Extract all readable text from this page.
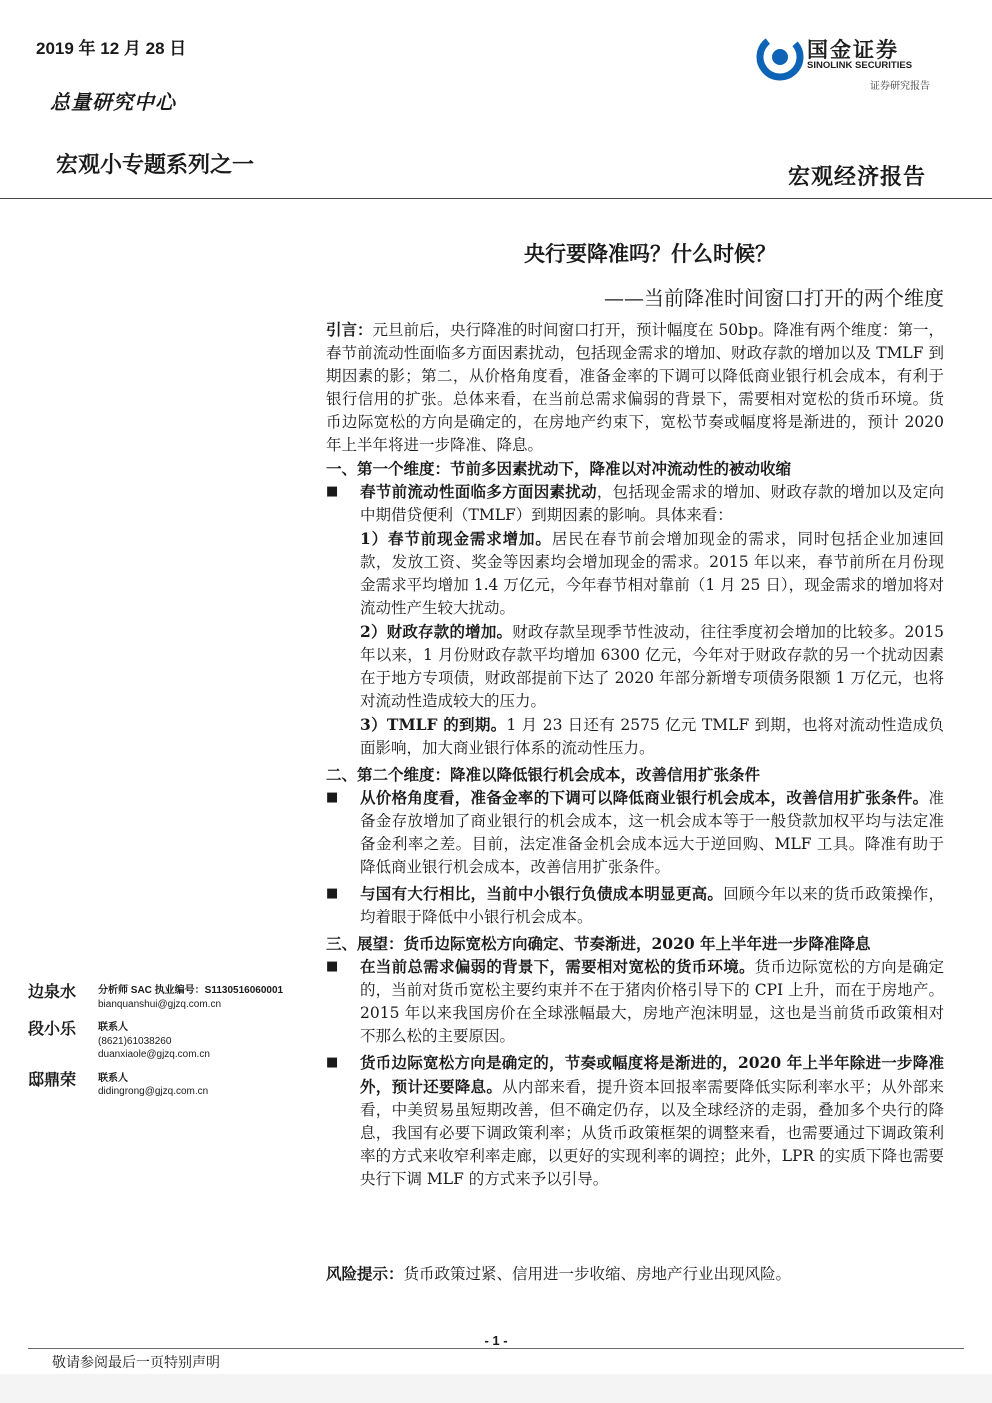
2019 年 12 月 28 日
总量研究中心
宏观小专题系列之一	宏观经济报告
国金证券
SINOLINK SECURITIES
证券研究报告
央行要降准吗？什么时候？
——当前降准时间窗口打开的两个维度

引言：元旦前后，央行降准的时间窗口打开，预计幅度在 50bp。降准有两个维度：第一，春节前流动性面临多方面因素扰动，包括现金需求的增加、财政存款的增加以及 TMLF 到期因素的影；第二，从价格角度看，准备金率的下调可以降低商业银行机会成本，有利于银行信用的扩张。总体来看，在当前总需求偏弱的背景下，需要相对宽松的货币环境。货币边际宽松的方向是确定的，在房地产约束下，宽松节奏或幅度将是渐进的，预计 2020 年上半年将进一步降准、降息。

一、第一个维度：节前多因素扰动下，降准以对冲流动性的被动收缩

■	春节前流动性面临多方面因素扰动，包括现金需求的增加、财政存款的增加以及定向中期借贷便利（TMLF）到期因素的影响。具体来看：

1）春节前现金需求增加。居民在春节前会增加现金的需求，同时包括企业加速回款，发放工资、奖金等因素均会增加现金的需求。2015 年以来，春节前所在月份现金需求平均增加 1.4 万亿元，今年春节相对靠前（1 月 25 日），现金需求的增加将对流动性产生较大扰动。

2）财政存款的增加。财政存款呈现季节性波动，往往季度初会增加的比较多。2015 年以来，1 月份财政存款平均增加 6300 亿元，今年对于财政存款的另一个扰动因素在于地方专项债，财政部提前下达了 2020 年部分新增专项债务限额 1 万亿元，也将对流动性造成较大的压力。

3）TMLF 的到期。1 月 23 日还有 2575 亿元 TMLF 到期，也将对流动性造成负面影响，加大商业银行体系的流动性压力。

二、第二个维度：降准以降低银行机会成本，改善信用扩张条件

■	从价格角度看，准备金率的下调可以降低商业银行机会成本，改善信用扩张条件。准备金存放增加了商业银行的机会成本，这一机会成本等于一般贷款加权平均与法定准备金利率之差。目前，法定准备金机会成本远大于逆回购、MLF 工具。降准有助于降低商业银行机会成本，改善信用扩张条件。

■	与国有大行相比，当前中小银行负债成本明显更高。回顾今年以来的货币政策操作，均着眼于降低中小银行机会成本。

三、展望：货币边际宽松方向确定、节奏渐进，2020 年上半年进一步降准降息

■	在当前总需求偏弱的背景下，需要相对宽松的货币环境。货币边际宽松的方向是确定的，当前对货币宽松主要约束并不在于猪肉价格引导下的 CPI 上升，而在于房地产。2015 年以来我国房价在全球涨幅最大，房地产泡沫明显，这也是当前货币政策相对不那么松的主要原因。

■	货币边际宽松方向是确定的，节奏或幅度将是渐进的，2020 年上半年除进一步降准外，预计还要降息。从内部来看，提升资本回报率需要降低实际利率水平；从外部来看，中美贸易虽短期改善，但不确定仍存，以及全球经济的走弱，叠加多个央行的降息，我国有必要下调政策利率；从货币政策框架的调整来看，也需要通过下调政策利率的方式来收窄利率走廊，以更好的实现利率的调控；此外，LPR 的实质下降也需要央行下调 MLF 的方式来予以引导。

边泉水	分析师 SAC 执业编号：S1130516060001
bianquanshui@gjzq.com.cn
段小乐	联系人
(8621)61038260
duanxiaole@gjzq.com.cn
邸鼎荣	联系人
didingrong@gjzq.com.cn
风险提示：货币政策过紧、信用进一步收缩、房地产行业出现风险。
- 1 -
敬请参阅最后一页特别声明
